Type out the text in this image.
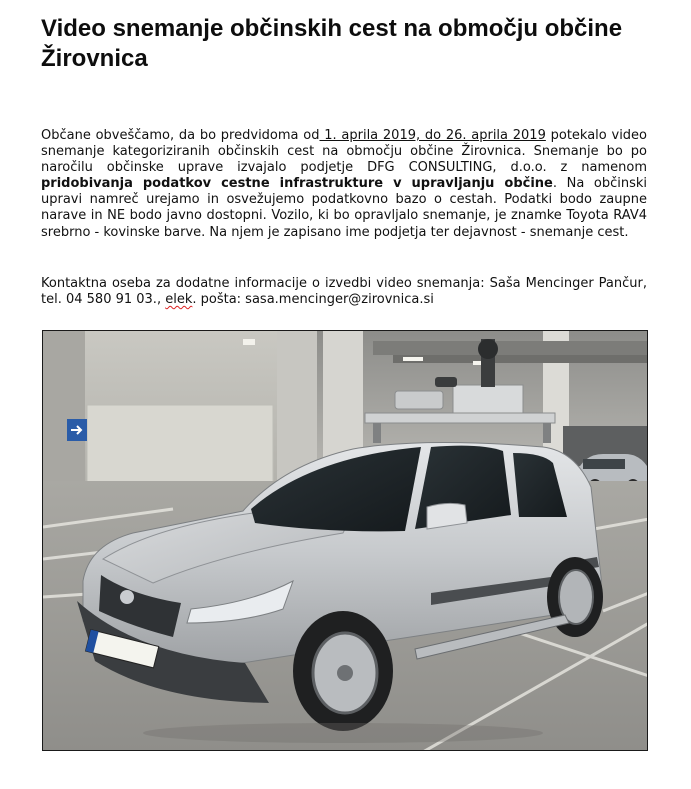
Video snemanje občinskih cest na območju občine Žirovnica

Občane obveščamo, da bo predvidoma od 1. aprila 2019, do 26. aprila 2019 potekalo video snemanje kategoriziranih občinskih cest na območju občine Žirovnica. Snemanje bo po naročilu občinske uprave izvajalo podjetje DFG CONSULTING, d.o.o. z namenom pridobivanja podatkov cestne infrastrukture v upravljanju občine. Na občinski upravi namreč urejamo in osvežujemo podatkovno bazo o cestah. Podatki bodo zaupne narave in NE bodo javno dostopni. Vozilo, ki bo opravljalo snemanje, je znamke Toyota RAV4 srebrno - kovinske barve. Na njem je zapisano ime podjetja ter dejavnost - snemanje cest.

Kontaktna oseba za dodatne informacije o izvedbi video snemanja: Saša Mencinger Pančur, tel. 04 580 91 03., elek. pošta: sasa.mencinger@zirovnica.si
